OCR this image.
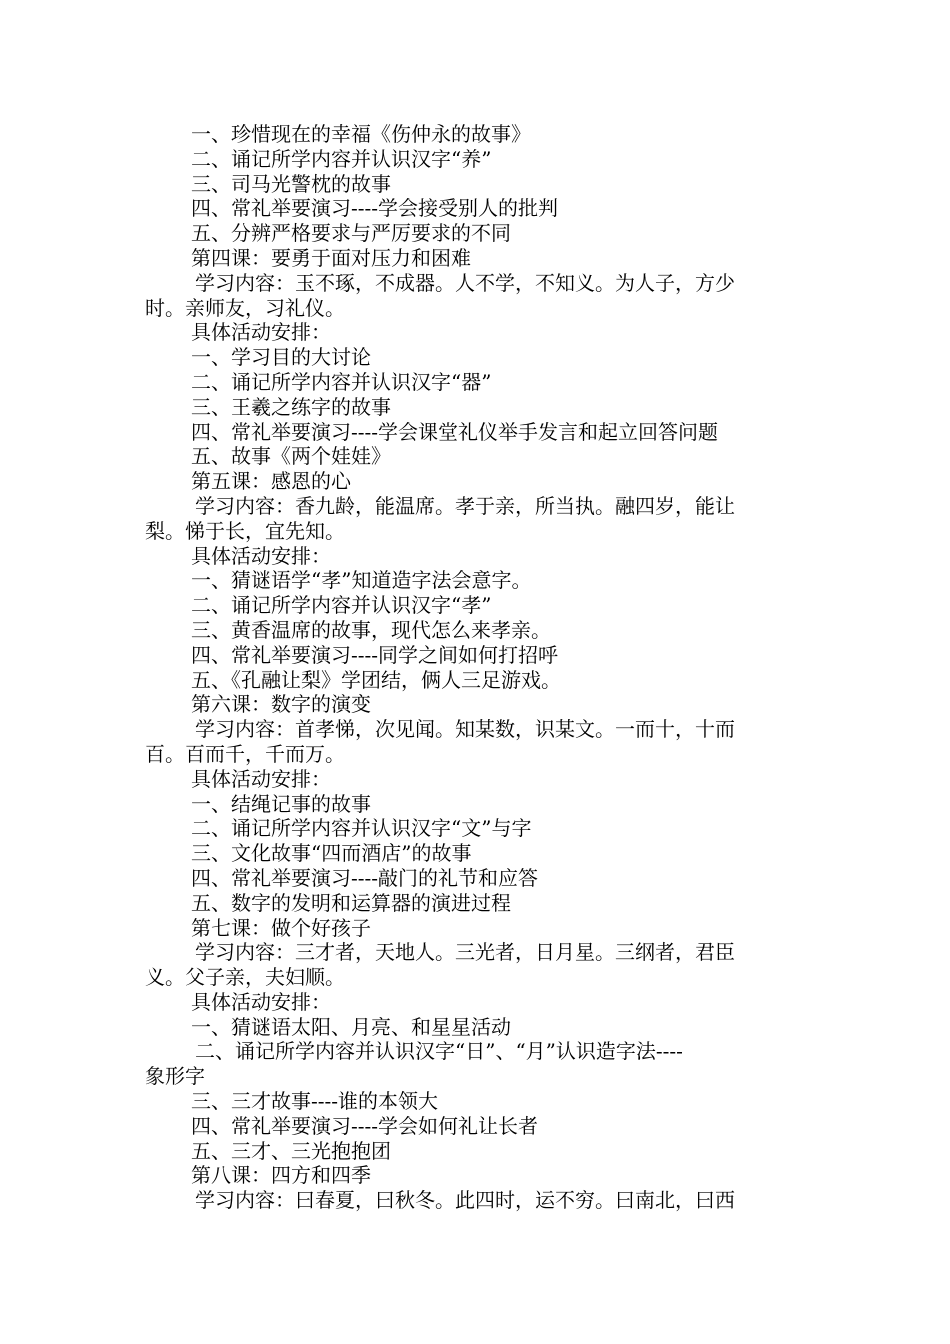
一、珍惜现在的幸福《伤仲永的故事》
二、诵记所学内容并认识汉字“养”
三、司马光警枕的故事
四、常礼举要演习----学会接受别人的批判
五、分辨严格要求与严厉要求的不同
第四课：要勇于面对压力和困难
学习内容：玉不琢，不成器。人不学，不知义。为人子，方少
时。亲师友，习礼仪。
具体活动安排：
一、学习目的大讨论
二、诵记所学内容并认识汉字“器”
三、王羲之练字的故事
四、常礼举要演习----学会课堂礼仪举手发言和起立回答问题
五、故事《两个娃娃》
第五课：感恩的心
学习内容：香九龄，能温席。孝于亲，所当执。融四岁，能让
梨。悌于长，宜先知。
具体活动安排：
一、猜谜语学“孝”知道造字法会意字。
二、诵记所学内容并认识汉字“孝”
三、黄香温席的故事，现代怎么来孝亲。
四、常礼举要演习----同学之间如何打招呼
五、《孔融让梨》学团结，俩人三足游戏。
第六课：数字的演变
学习内容：首孝悌，次见闻。知某数，识某文。一而十，十而
百。百而千，千而万。
具体活动安排：
一、结绳记事的故事
二、诵记所学内容并认识汉字“文”与字
三、文化故事“四而酒店”的故事
四、常礼举要演习----敲门的礼节和应答
五、数字的发明和运算器的演进过程
第七课：做个好孩子
学习内容：三才者，天地人。三光者，日月星。三纲者，君臣
义。父子亲，夫妇顺。
具体活动安排：
一、猜谜语太阳、月亮、和星星活动
二、诵记所学内容并认识汉字“日”、“月”认识造字法----
象形字
三、三才故事----谁的本领大
四、常礼举要演习----学会如何礼让长者
五、三才、三光抱抱团
第八课：四方和四季
学习内容：曰春夏，曰秋冬。此四时，运不穷。曰南北，曰西
